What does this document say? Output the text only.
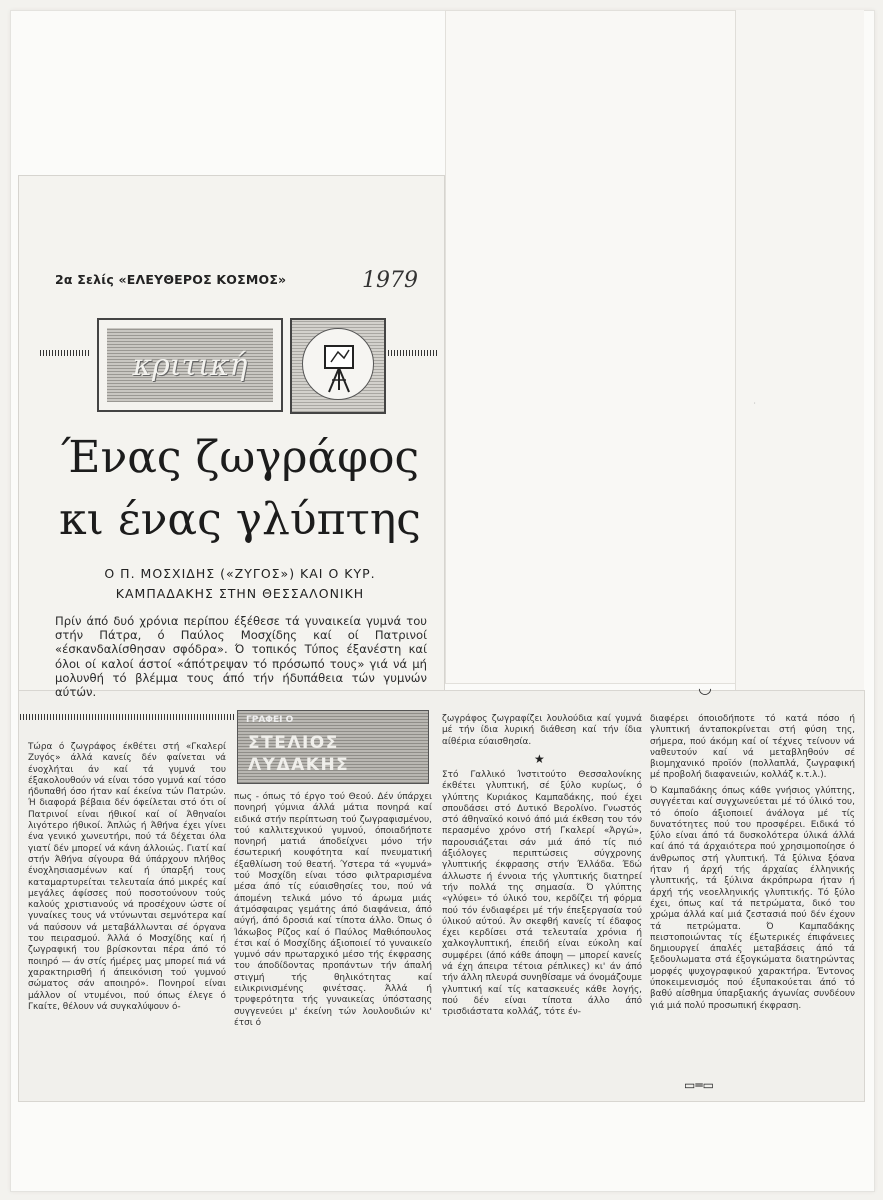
·
2α Σελίς «ΕΛΕΥΘΕΡΟΣ ΚΟΣΜΟΣ»	1979
κριτική
Ένας ζωγράφος
κι ένας γλύπτης
Ο Π. ΜΟΣΧΙΔΗΣ («ΖΥΓΟΣ») ΚΑΙ Ο ΚΥΡ.
ΚΑΜΠΑΔΑΚΗΣ ΣΤΗΝ ΘΕΣΣΑΛΟΝΙΚΗ
Πρίν άπό δυό χρόνια περίπου έξέθεσε τά γυναικεία γυμνά του στήν Πάτρα, ό Παύλος Μοσχίδης καί οί Πατρινοί «έσκανδαλίσθησαν σφόδρα». Ό τοπικός Τύπος έξανέστη καί όλοι οί καλοί άστοί «άπότρεψαν τό πρόσωπό τους» γιά νά μή μολυνθή τό βλέμμα τους άπό τήν ήδυπάθεια τών γυμνών αύτών.
ΓΡΑΦΕΙ Ο
ΣΤΕΛΙΟΣ
ΛΥΔΑΚΗΣ
Τώρα ό ζωγράφος έκθέτει στή «Γκαλερί Ζυγός» άλλά κανείς δέν φαίνεται νά ένοχλήται άν καί τά γυμνά του έξακολουθούν νά είναι τόσο γυμνά καί τόσο ήδυπαθή όσο ήταν καί έκείνα τών Πατρών. Ή διαφορά βέβαια δέν όφείλεται στό ότι οί Πατρινοί είναι ήθικοί καί οί Άθηναίοι λιγότερο ήθικοί. Άπλώς ή Άθήνα έχει γίνει ένα γενικό χωνευτήρι, πού τά δέχεται όλα γιατί δέν μπορεί νά κάνη άλλοιώς. Γιατί καί στήν Άθήνα σίγουρα θά ύπάρχουν πλήθος ένοχλησιασμένων καί ή ύπαρξή τους καταμαρτυρείται τελευταία άπό μικρές καί μεγάλες άφίσσες πού ποσοτούνουν τούς καλούς χριστιανούς νά προσέχουν ώστε οί γυναίκες τους νά ντύνωνται σεμνότερα καί νά παύσουν νά μεταβάλλωνται σέ όργανα του πειρασμού. Άλλά ό Μοσχίδης καί ή ζωγραφική του βρίσκονται πέρα άπό τό ποιηρό — άν στίς ήμέρες μας μπορεί πιά νά χαρακτηρισθή ή άπεικόνιση τού γυμνού σώματος σάν αποιηρό». Πονηροί είναι μάλλον οί ντυμένοι, πού όπως έλεγε ό Γκαίτε, θέλουν νά συγκαλύψουν ό-
πως - όπως τό έργο τού Θεού. Δέν ύπάρχει πονηρή γύμνια άλλά μάτια πονηρά καί ειδικά στήν περίπτωση τού ζωγραφισμένου, τού καλλιτεχνικού γυμνού, όποιαδήποτε πονηρή ματιά άποδείχνει μόνο τήν έσωτερική κουφότητα καί πνευματική έξαθλίωση τού θεατή. Ύστερα τά «γυμνά» τού Μοσχίδη είναι τόσο φιλτραρισμένα μέσα άπό τίς εύαισθησίες του, πού νά άπομένη τελικά μόνο τό άρωμα μιάς άτμόσφαιρας γεμάτης άπό διαφάνεια, άπό αύγή, άπό δροσιά καί τίποτα άλλο. Όπως ό Ίάκωβος Ρίζος καί ό Παύλος Μαθιόπουλος έτσι καί ό Μοσχίδης άξιοποιεί τό γυναικείο γυμνό σάν πρωταρχικό μέσο τής έκφρασης του άποδίδοντας προπάντων τήν άπαλή στιγμή τής θηλικότητας καί ειλικρινισμένης φινέτσας. Άλλά ή τρυφερότητα τής γυναικείας ύπόστασης συγγενεύει μ' έκείνη τών λουλουδιών κι' έτσι ό
ζωγράφος ζωγραφίζει λουλούδια καί γυμνά μέ τήν ίδια λυρική διάθεση καί τήν ίδια αίθέρια εύαισθησία.
★
Στό Γαλλικό Ίνστιτούτο Θεσσαλονίκης έκθέτει γλυπτική, σέ ξύλο κυρίως, ό γλύπτης Κυριάκος Καμπαδάκης, πού έχει σπουδάσει στό Δυτικό Βερολίνο. Γνωστός στό άθηναϊκό κοινό άπό μιά έκθεση του τόν περασμένο χρόνο στή Γκαλερί «Άργώ», παρουσιάζεται σάν μιά άπό τίς πιό άξιόλογες περιπτώσεις σύγχρονης γλυπτικής έκφρασης στήν Έλλάδα. Έδώ άλλωστε ή έννοια τής γλυπτικής διατηρεί τήν πολλά της σημασία. Ό γλύπτης «γλύφει» τό ύλικό του, κερδίζει τή φόρμα πού τόν ένδιαφέρει μέ τήν έπεξεργασία τού ύλικού αύτού. Άν σκεφθή κανείς τί έδαφος έχει κερδίσει στά τελευταία χρόνια ή χαλκογλυπτική, έπειδή είναι εύκολη καί συμφέρει (άπό κάθε άποψη — μπορεί κανείς νά έχη άπειρα τέτοια ρέπλικες) κι' άν άπό τήν άλλη πλευρά συνηθίσαμε νά όνομάζουμε γλυπτική καί τίς κατασκευές κάθε λογής, πού δέν είναι τίποτα άλλο άπό τρισδιάστατα κολλάζ, τότε έν-
διαφέρει όποιοδήποτε τό κατά πόσο ή γλυπτική άνταποκρίνεται στή φύση της, σήμερα, πού άκόμη καί οί τέχνες τείνουν νά ναθευτούν καί νά μεταβληθούν σέ βιομηχανικό προϊόν (πολλαπλά, ζωγραφική μέ προβολή διαφανειών, κολλάζ κ.τ.λ.).
Ό Καμπαδάκης όπως κάθε γνήσιος γλύπτης, συγγέεται καί συγχωνεύεται μέ τό ύλικό του, τό όποίο άξιοποιεί άνάλογα μέ τίς δυνατότητες πού του προσφέρει. Ειδικά τό ξύλο είναι άπό τά δυσκολότερα ύλικά άλλά καί άπό τά άρχαιότερα πού χρησιμοποίησε ό άνθρωπος στή γλυπτική. Τά ξύλινα ξόανα ήταν ή άρχή τής άρχαίας έλληνικής γλυπτικής, τά ξύλινα άκρόπρωρα ήταν ή άρχή τής νεοελληνικής γλυπτικής. Τό ξύλο έχει, όπως καί τά πετρώματα, δικό του χρώμα άλλά καί μιά ζεστασιά πού δέν έχουν τά πετρώματα. Ό Καμπαδάκης πειστοποιώντας τίς έξωτερικές έπιφάνειες δημιουργεί άπαλές μεταβάσεις άπό τά ξεδουλωματα στά έξογκώματα διατηρώντας μορφές ψυχογραφικού χαρακτήρα. Έντονος ύποκειμενισμός πού έξυπακούεται άπό τό βαθύ αίσθημα ύπαρξιακής άγωνίας συνδέουν γιά μιά πολύ προσωπική έκφραση.
▭═▭
◡
